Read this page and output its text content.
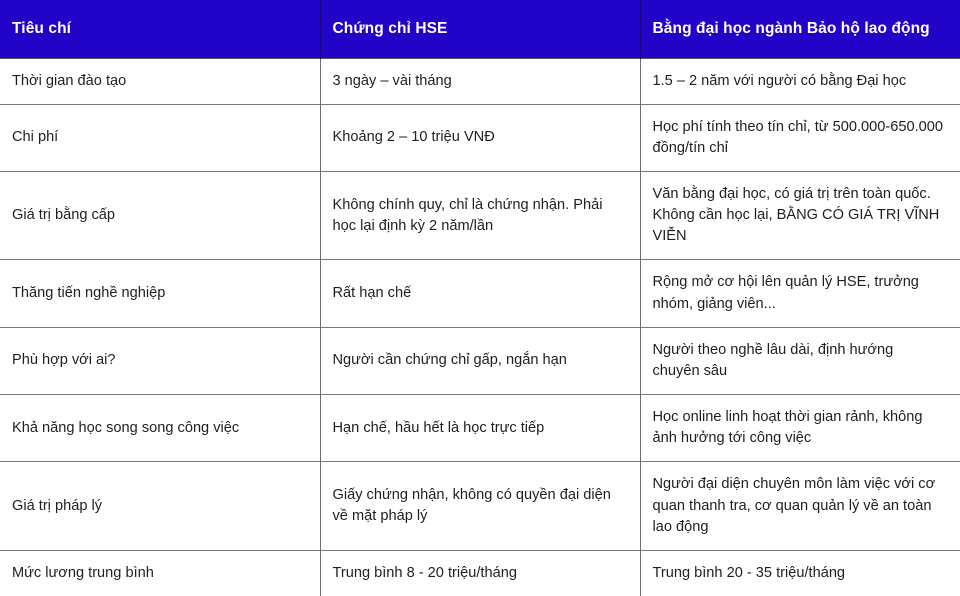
Tiêu chí	Chứng chỉ HSE	Bằng đại học ngành Bảo hộ lao động
Thời gian đào tạo	3 ngày – vài tháng	1.5 – 2 năm với người có bằng Đại học
Chi phí	Khoảng 2 – 10 triệu VNĐ	Học phí tính theo tín chỉ, từ 500.000-650.000 đồng/tín chỉ
Giá trị bằng cấp	Không chính quy, chỉ là chứng nhận. Phải học lại định kỳ 2 năm/lần	Văn bằng đại học, có giá trị trên toàn quốc. Không cần học lại, BẰNG CÓ GIÁ TRỊ VĨNH VIỄN
Thăng tiến nghề nghiệp	Rất hạn chế	Rộng mở cơ hội lên quản lý HSE, trưởng nhóm, giảng viên...
Phù hợp với ai?	Người cần chứng chỉ gấp, ngắn hạn	Người theo nghề lâu dài, định hướng chuyên sâu
Khả năng học song song công việc	Hạn chế, hầu hết là học trực tiếp	Học online linh hoạt thời gian rảnh, không ảnh hưởng tới công việc
Giá trị pháp lý	Giấy chứng nhận, không có quyền đại diện về mặt pháp lý	Người đại diện chuyên môn làm việc với cơ quan thanh tra, cơ quan quản lý về an toàn lao động
Mức lương trung bình	Trung bình 8 - 20 triệu/tháng	Trung bình 20 - 35 triệu/tháng
